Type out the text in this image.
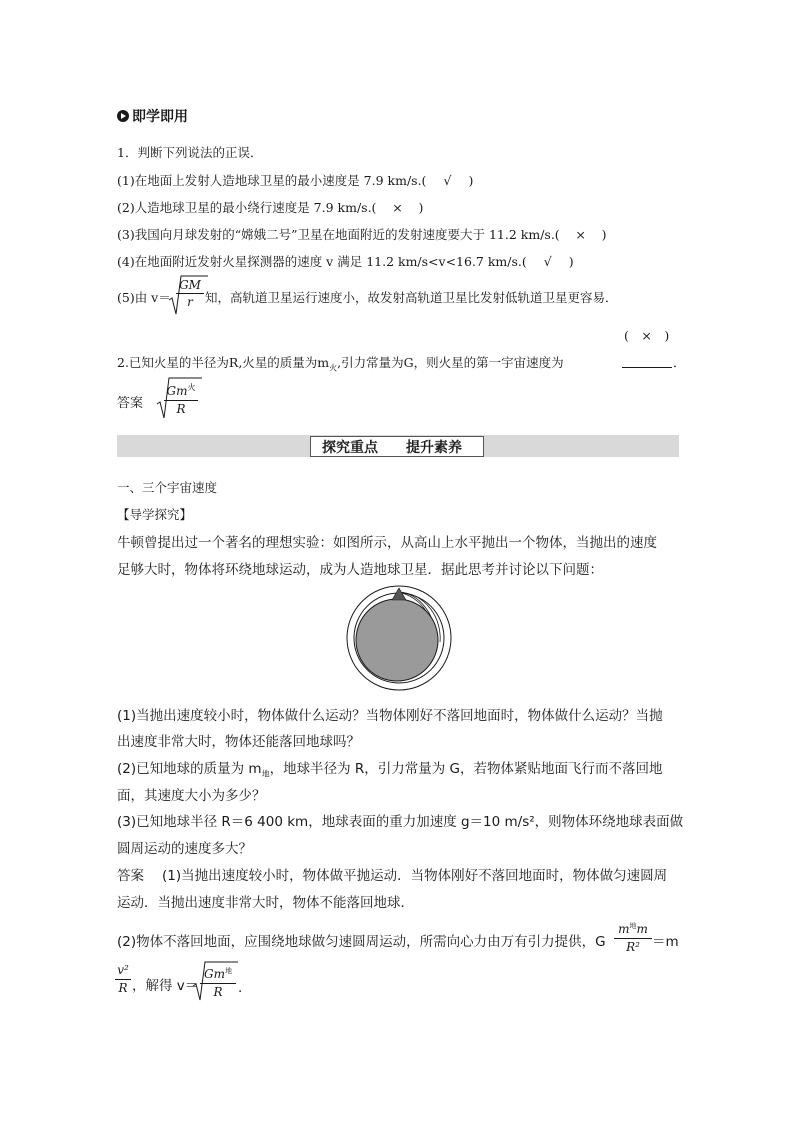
即学即用
1．判断下列说法的正误．
(1)在地面上发射人造地球卫星的最小速度是 7.9 km/s.( √ )
(2)人造地球卫星的最小绕行速度是 7.9 km/s.( × )
(3)我国向月球发射的“嫦娥二号”卫星在地面附近的发射速度要大于 11.2 km/s.( × )
(4)在地面附近发射火星探测器的速度 v 满足 11.2 km/s<v<16.7 km/s.( √ )
(5)由 $v= \frac{GM}{r}$ 知，高轨道卫星运行速度小，故发射高轨道卫星比发射低轨道卫星更容易．
(　×　)
2.已知火星的半径为R,火星的质量为$m_火$,引力常量为G，则火星的第一宇宙速度为	．
答案
$Gm^火$
R
探究重点 提升素养
一、三个宇宙速度
【导学探究】
牛顿曾提出过一个著名的理想实验：如图所示，从高山上水平抛出一个物体，当抛出的速度
足够大时，物体将环绕地球运动，成为人造地球卫星．据此思考并讨论以下问题：
(1)当抛出速度较小时，物体做什么运动？当物体刚好不落回地面时，物体做什么运动？当抛
出速度非常大时，物体还能落回地球吗？
(2)已知地球的质量为 $m_地$，地球半径为 R，引力常量为 G，若物体紧贴地面飞行而不落回地
面，其速度大小为多少？
(3)已知地球半径 R＝6 400 km，地球表面的重力加速度 g＝10 m/s²，则物体环绕地球表面做
圆周运动的速度多大？
答案 (1)当抛出速度较小时，物体做平抛运动．当物体刚好不落回地面时，物体做匀速圆周
运动．当抛出速度非常大时，物体不能落回地球．
(2)物体不落回地面，应围绕地球做匀速圆周运动，所需向心力由万有引力提供，G
$m^地m$
R² ＝m
$\frac{\text{v²}}{R}$ ，解得 v＝
$Gm^地$
R	.
